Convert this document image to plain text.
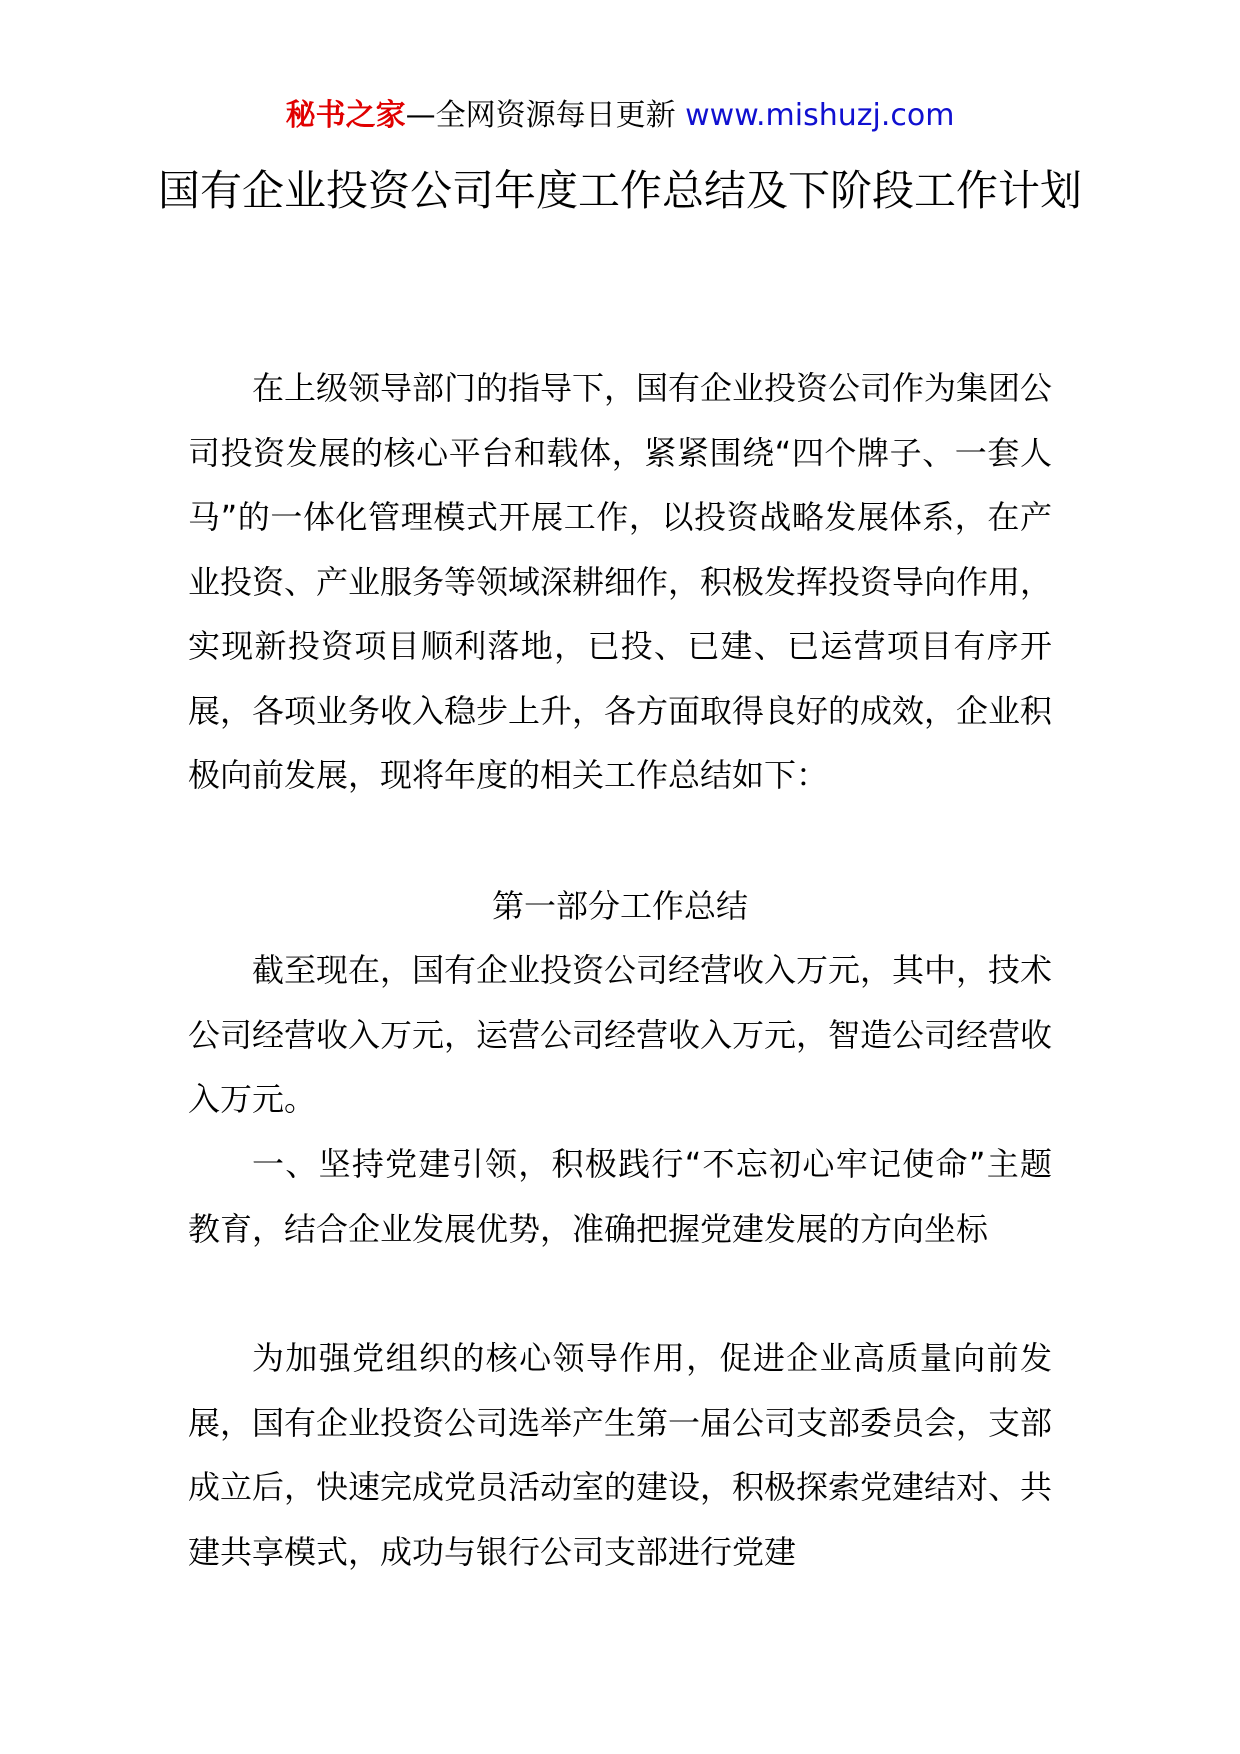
秘书之家—全网资源每日更新 www.mishuzj.com
国有企业投资公司年度工作总结及下阶段工作计划

在上级领导部门的指导下，国有企业投资公司作为集团公司投资发展的核心平台和载体，紧紧围绕“四个牌子、一套人马”的一体化管理模式开展工作，以投资战略发展体系，在产业投资、产业服务等领域深耕细作，积极发挥投资导向作用，实现新投资项目顺利落地，已投、已建、已运营项目有序开展，各项业务收入稳步上升，各方面取得良好的成效，企业积极向前发展，现将年度的相关工作总结如下：

第一部分工作总结

截至现在，国有企业投资公司经营收入万元，其中，技术公司经营收入万元，运营公司经营收入万元，智造公司经营收入万元。

一、坚持党建引领，积极践行“不忘初心牢记使命”主题教育，结合企业发展优势，准确把握党建发展的方向坐标

为加强党组织的核心领导作用，促进企业高质量向前发展，国有企业投资公司选举产生第一届公司支部委员会，支部成立后，快速完成党员活动室的建设，积极探索党建结对、共建共享模式，成功与银行公司支部进行党建
